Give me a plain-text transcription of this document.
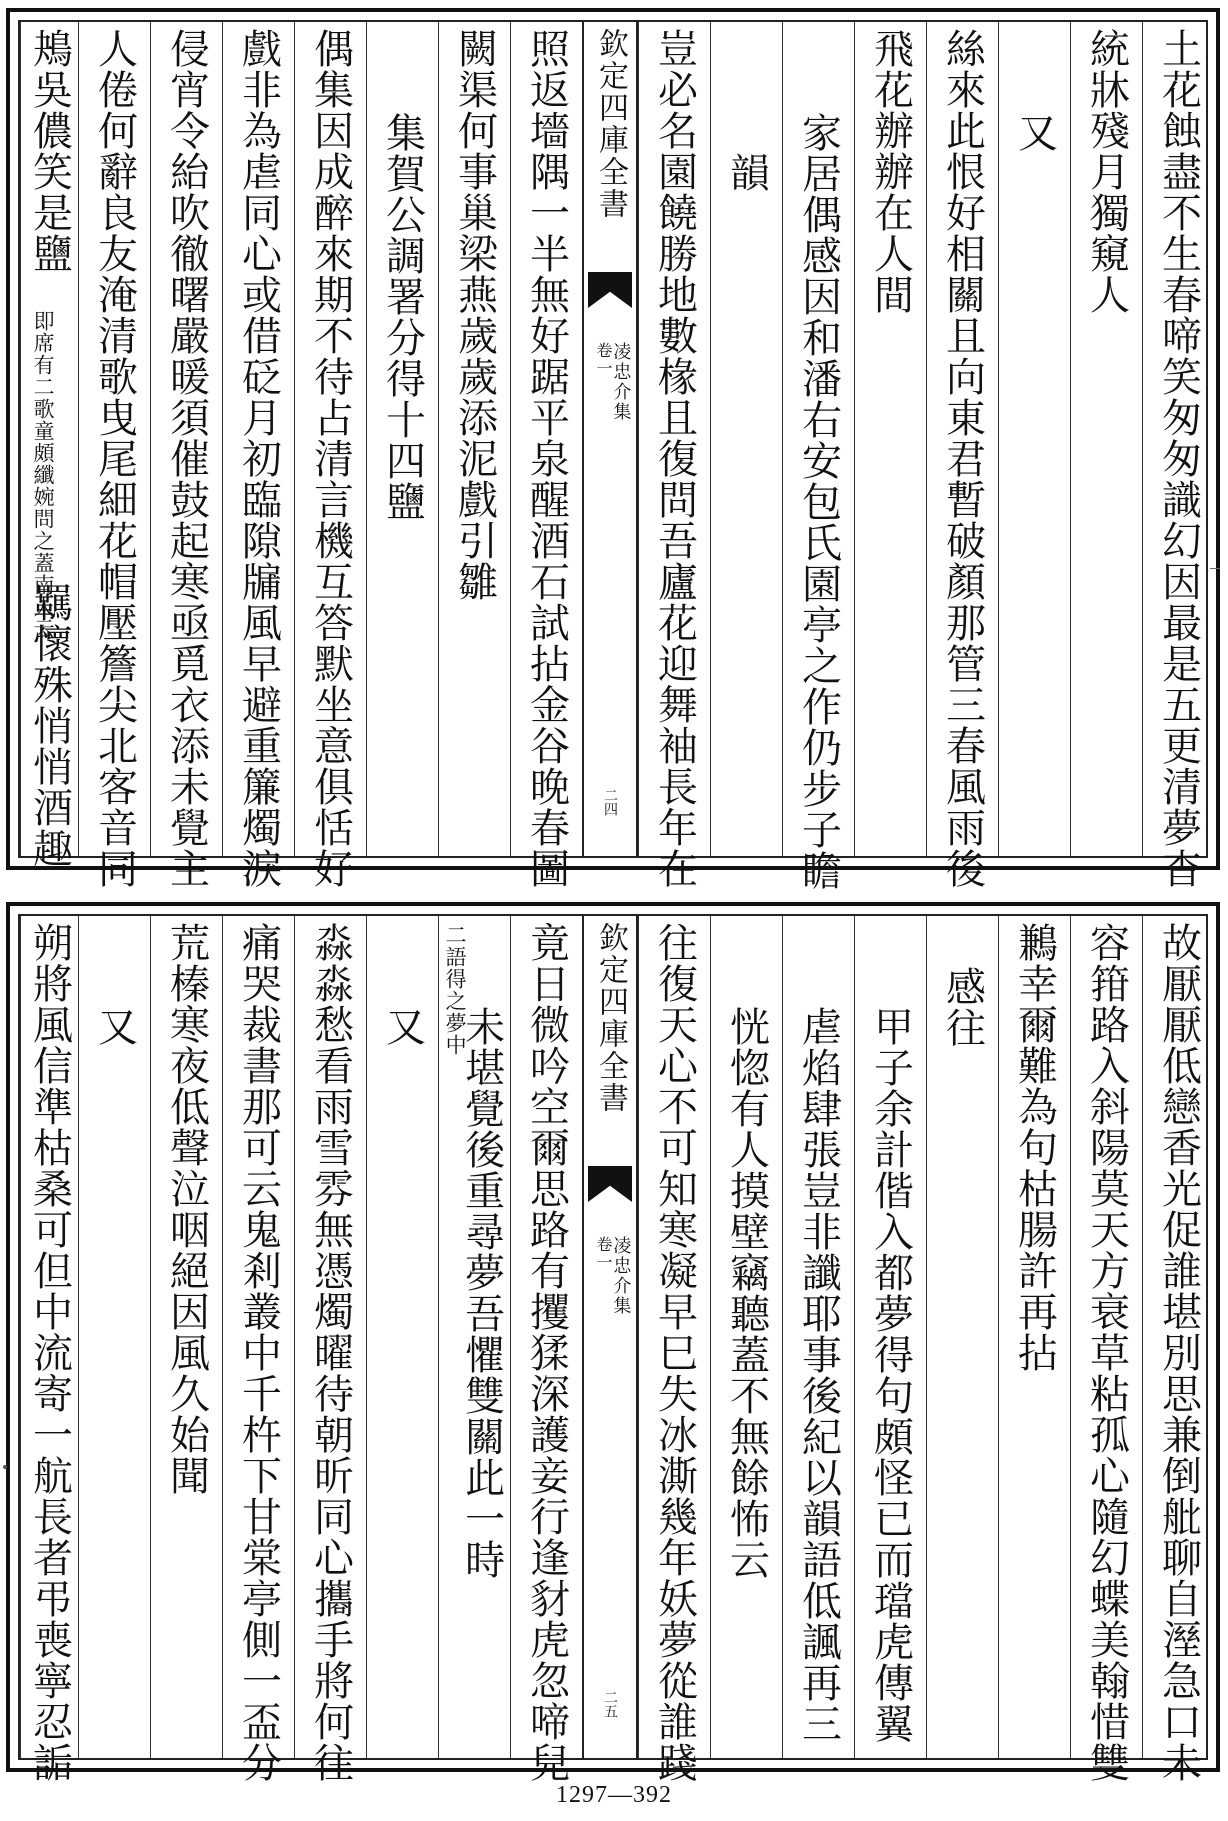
土花蝕盡不生春啼笑匆匆識幻因最是五更清夢杳
統牀殘月獨窺人
又
絲來此恨好相關且向東君暫破顏那管三春風雨後
飛花辦辦在人間
家居偶感因和潘右安包氏園亭之作仍步子瞻
韻
豈必名園饒勝地數椽且復問吾廬花迎舞袖長年在
欽定四庫全書
凌忠介集
卷一
二四
照返墻隅一半無好踞平泉醒酒石試拈金谷晚春圖
闕渠何事巢梁燕歲歲添泥戲引雛
集賀公調署分得十四鹽
偶集因成醉來期不待占清言機互答默坐意俱恬好
戲非為虐同心或借砭月初臨隙牖風早避重簾燭淚
侵宵令紿吹徹曙嚴暖須催鼓起寒亟覓衣添未覺主
人倦何辭良友淹清歌曳尾細花帽壓簷尖北客音同
鴂吳儂笑是鹽
即席有二歌童頗纖婉問之蓋南人云
羈懷殊悄悄酒趣
故厭厭低戀香光促誰堪別思兼倒舭聊自溼急口未
容箝路入斜陽莫天方衰草粘孤心隨幻蝶美翰惜雙
鶼幸爾難為句枯腸許再拈
感往
甲子余計偕入都夢得句頗怪已而璫虎傳翼
虐焰肆張豈非讖耶事後紀以韻語低諷再三
恍惚有人摸壁竊聽蓋不無餘怖云
往復天心不可知寒凝早巳失冰澌幾年妖夢從誰踐
欽定四庫全書
凌忠介集
卷一
二五
竟日微吟空爾思路有攫猱深護妾行逢豺虎忽啼兒
二語得之夢中
未堪覺後重尋夢吾懼雙關此一時
又
淼淼愁看雨雪雰無憑燭曜待朝昕同心攜手將何往
痛哭裁書那可云鬼剎叢中千杵下甘棠亭側一盃分
荒榛寒夜低聲泣咽絕因風久始聞
又
朔將風信準枯桑可但中流寄一航長者弔喪寧忍詬
1297—392
